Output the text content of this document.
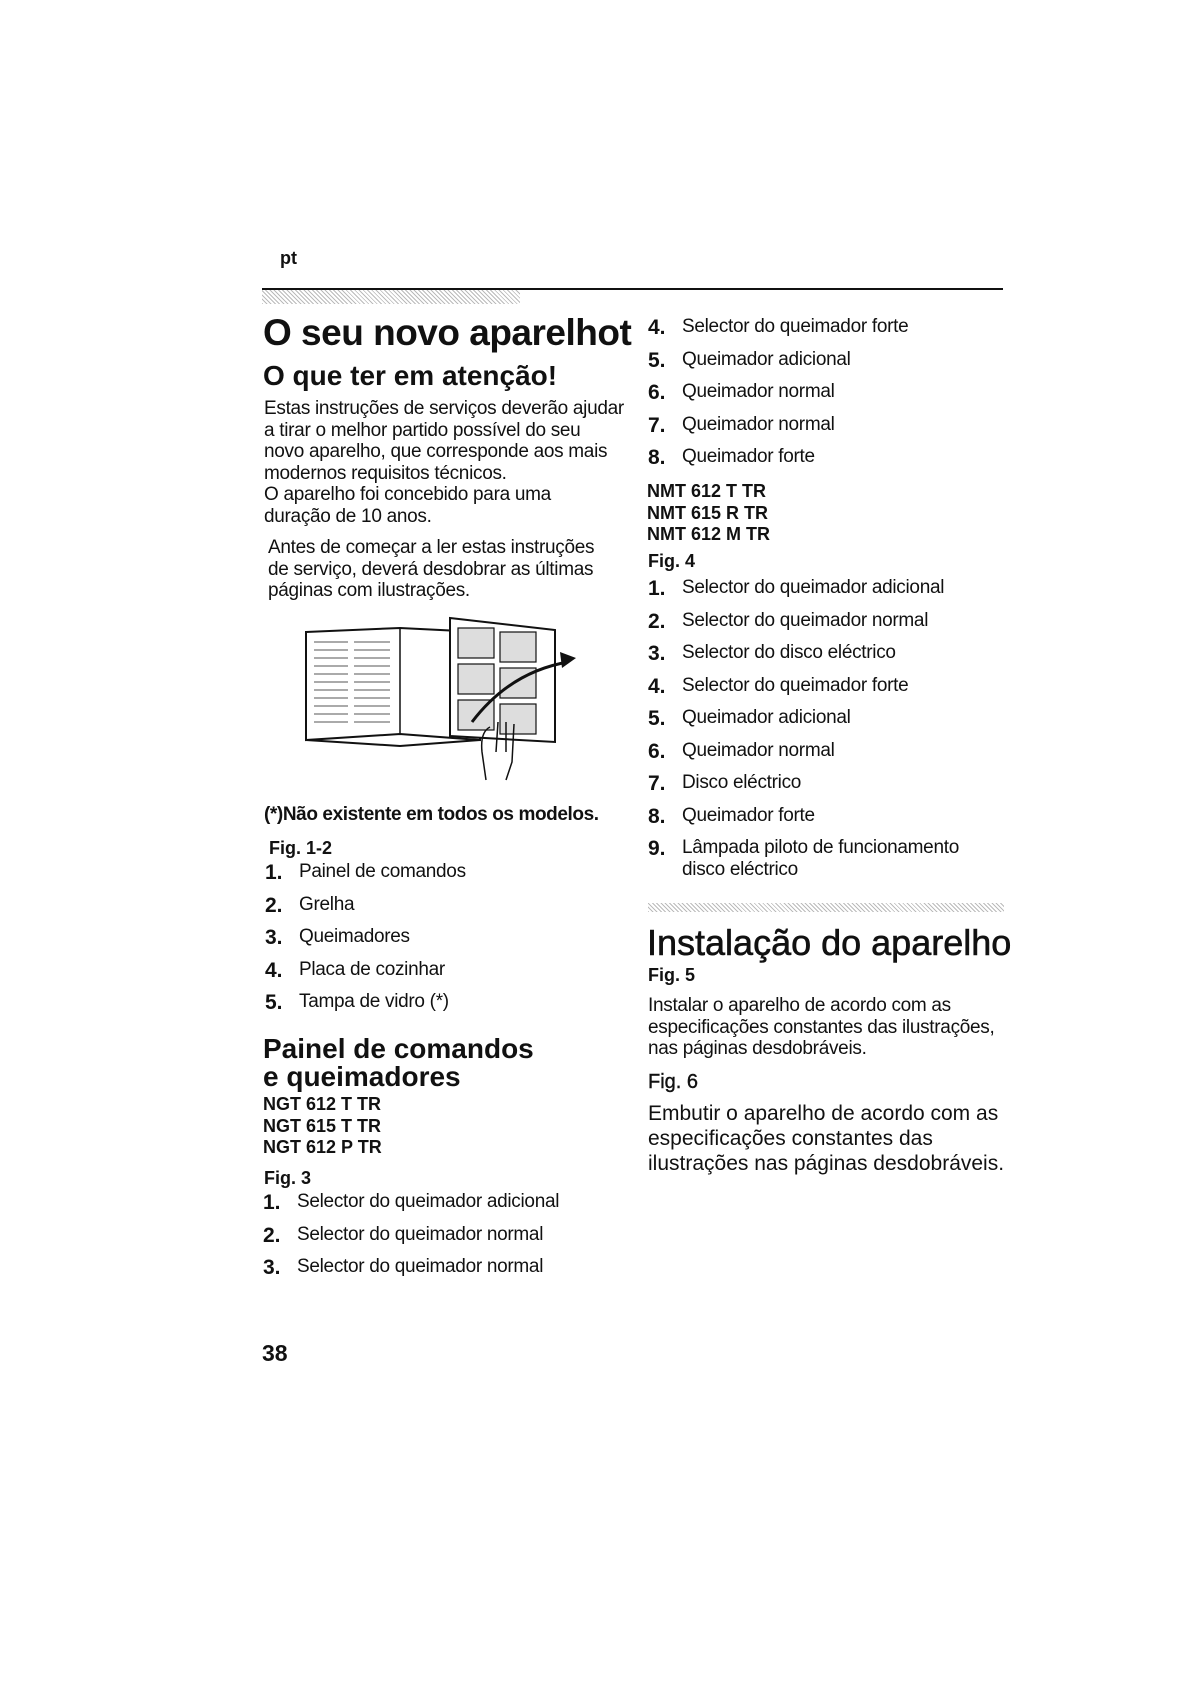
pt
O seu novo aparelhot
O que ter em atenção!
Estas instruções de serviços deverão ajudar a tirar o melhor partido possível do seu novo aparelho, que corresponde aos mais modernos requisitos técnicos.
O aparelho foi concebido para uma duração de 10 anos.
Antes de começar a ler estas instruções de serviço, deverá desdobrar as últimas páginas com ilustrações.
(*)Não existente em todos os modelos.
Fig. 1-2
1. Painel de comandos
2. Grelha
3. Queimadores
4. Placa de cozinhar
5. Tampa de vidro (*)
Painel de comandos
e queimadores
NGT 612 T TR
NGT 615 T TR
NGT 612 P TR
Fig. 3
1. Selector do queimador adicional
2. Selector do queimador normal
3. Selector do queimador normal
38
4. Selector do queimador forte
5. Queimador adicional
6. Queimador normal
7. Queimador normal
8. Queimador forte
NMT 612 T TR
NMT 615 R TR
NMT 612 M TR
Fig. 4
1. Selector do queimador adicional
2. Selector do queimador normal
3. Selector do disco eléctrico
4. Selector do queimador forte
5. Queimador adicional
6. Queimador normal
7. Disco eléctrico
8. Queimador forte
9. Lâmpada piloto de funcionamento disco eléctrico
Instalação do aparelho
Fig. 5
Instalar o aparelho de acordo com as especificações constantes das ilustrações, nas páginas desdobráveis.
Fig. 6
Embutir o aparelho de acordo com as especificações constantes das ilustrações nas páginas desdobráveis.
